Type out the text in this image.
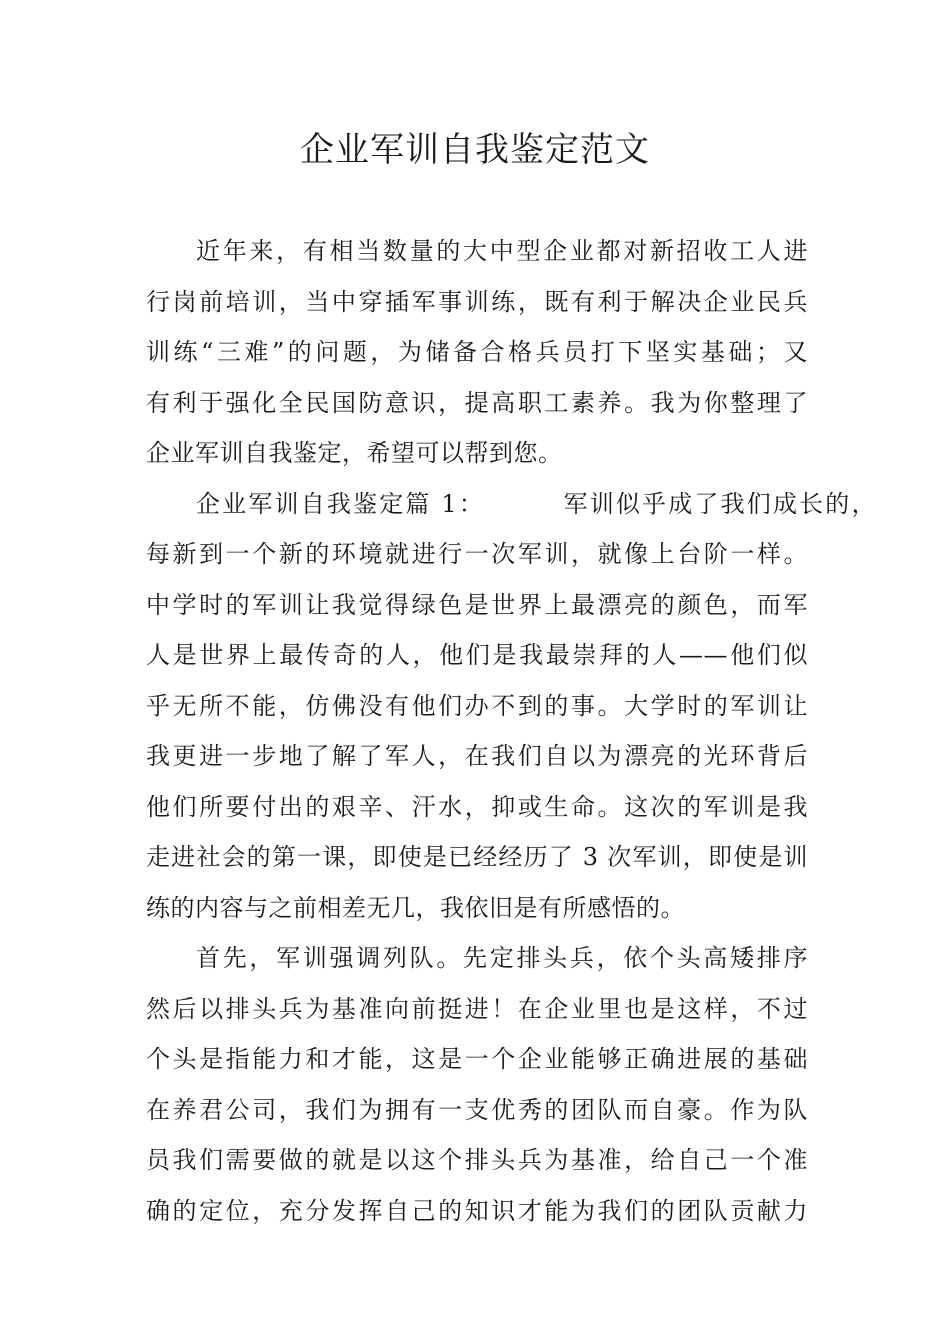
企业军训自我鉴定范文
近年来，有相当数量的大中型企业都对新招收工人进
行岗前培训，当中穿插军事训练，既有利于解决企业民兵
训练“三难”的问题，为储备合格兵员打下坚实基础；又
有利于强化全民国防意识，提高职工素养。我为你整理了
企业军训自我鉴定，希望可以帮到您。
企业军训自我鉴定篇 1：        军训似乎成了我们成长的，
每新到一个新的环境就进行一次军训，就像上台阶一样。
中学时的军训让我觉得绿色是世界上最漂亮的颜色，而军
人是世界上最传奇的人，他们是我最崇拜的人——他们似
乎无所不能，仿佛没有他们办不到的事。大学时的军训让
我更进一步地了解了军人，在我们自以为漂亮的光环背后
他们所要付出的艰辛、汗水，抑或生命。这次的军训是我
走进社会的第一课，即使是已经经历了 3 次军训，即使是训
练的内容与之前相差无几，我依旧是有所感悟的。
首先，军训强调列队。先定排头兵，依个头高矮排序
然后以排头兵为基准向前挺进！在企业里也是这样，不过
个头是指能力和才能，这是一个企业能够正确进展的基础
在养君公司，我们为拥有一支优秀的团队而自豪。作为队
员我们需要做的就是以这个排头兵为基准，给自己一个准
确的定位，充分发挥自己的知识才能为我们的团队贡献力
